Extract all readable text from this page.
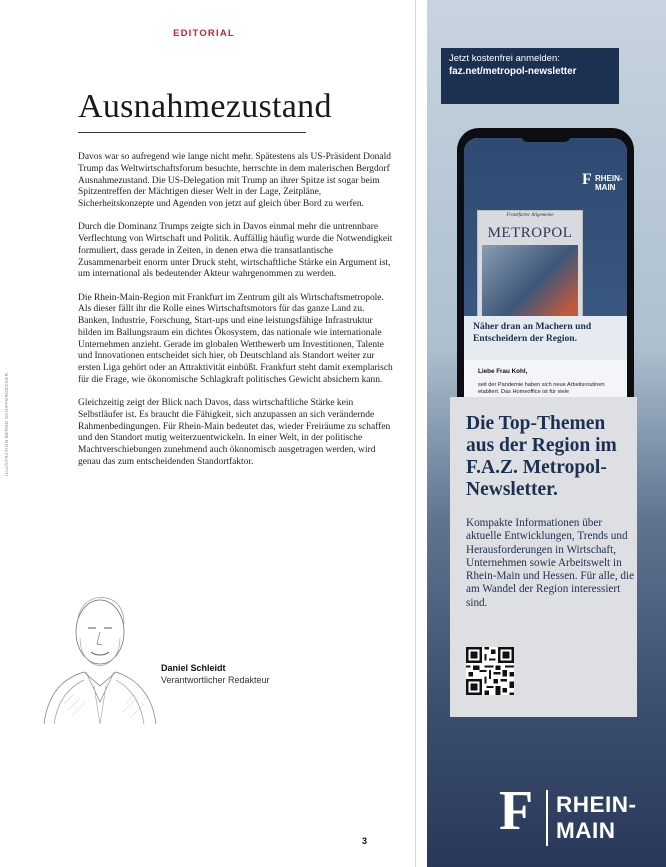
EDITORIAL
Ausnahmezustand

Davos war so aufregend wie lange nicht mehr. Spätestens als US-Präsident Donald Trump das Weltwirtschaftsforum besuchte, herrschte in dem malerischen Bergdorf Ausnahmezustand. Die US-Delegation mit Trump an ihrer Spitze ist sogar beim Spitzentreffen der Mächtigen dieser Welt in der Lage, Zeitpläne, Sicherheitskonzepte und Agenden von jetzt auf gleich über Bord zu werfen.

Durch die Dominanz Trumps zeigte sich in Davos einmal mehr die untrennbare Verflechtung von Wirtschaft und Politik. Auffällig häufig wurde die Notwendigkeit formuliert, dass gerade in Zeiten, in denen etwa die transatlantische Zusammenarbeit enorm unter Druck steht, wirtschaftliche Stärke ein Argument ist, um international als bedeutender Akteur wahrgenommen zu werden.

Die Rhein-Main-Region mit Frankfurt im Zentrum gilt als Wirtschaftsmetropole. Als dieser fällt ihr die Rolle eines Wirtschaftsmotors für das ganze Land zu. Banken, Industrie, Forschung, Start-ups und eine leistungsfähige Infrastruktur bilden im Ballungsraum ein dichtes Ökosystem, das nationale wie internationale Unternehmen anzieht. Gerade im globalen Wettbewerb um Investitionen, Talente und Innovationen entscheidet sich hier, ob Deutschland als Standort weiter zur ersten Liga gehört oder an Attraktivität einbüßt. Frankfurt steht damit exemplarisch für die Frage, wie ökonomische Schlagkraft politisches Gewicht absichern kann.

Gleichzeitig zeigt der Blick nach Davos, dass wirtschaftliche Stärke kein Selbstläufer ist. Es braucht die Fähigkeit, sich anzupassen an sich verändernde Rahmenbedingungen. Für Rhein-Main bedeutet das, wieder Freiräume zu schaffen und den Standort mutig weiterzuentwickeln. In einer Welt, in der politische Machtverschiebungen zunehmend auch ökonomisch ausgetragen werden, wird genau das zum entscheidenden Standortfaktor.

ILLUSTRATION BERND SCHIFFERDECKER
Daniel Schleidt
Verantwortlicher Redakteur
3
Jetzt kostenfrei anmelden:
faz.net/metropol-newsletter
F RHEIN-
MAIN
Frankfurter Allgemeine
METROPOL
Näher dran an Machern und Entscheidern der Region.
Liebe Frau Kohl,
seit der Pandemie haben sich neue Arbeitsroutinen etabliert. Das Homeoffice ist für viele
Die Top-Themen aus der Region im F.A.Z. Metropol-Newsletter.
Kompakte Informationen über aktuelle Entwicklungen, Trends und Herausforderungen in Wirtschaft, Unternehmen sowie Arbeitswelt in Rhein-Main und Hessen. Für alle, die am Wandel der Region interessiert sind.
F RHEIN-
MAIN
